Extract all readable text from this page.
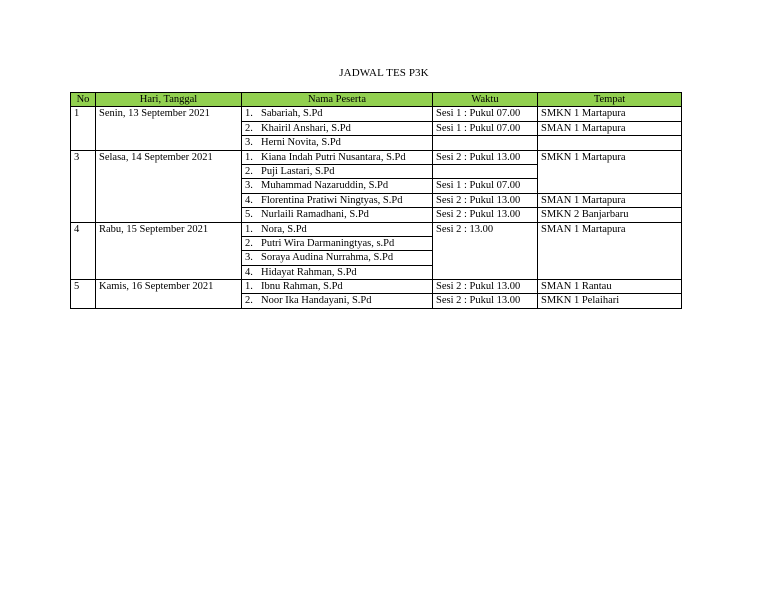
JADWAL TES P3K
No	Hari, Tanggal	Nama Peserta	Waktu	Tempat
1	Senin, 13 September 2021	1. Sabariah, S.Pd	Sesi 1 : Pukul 07.00	SMKN 1 Martapura
		2. Khairil Anshari, S.Pd	Sesi 1 : Pukul 07.00	SMAN 1 Martapura
		3. Herni Novita, S.Pd		
3	Selasa, 14 September 2021	1. Kiana Indah Putri Nusantara, S.Pd	Sesi 2 : Pukul 13.00	SMKN 1 Martapura
		2. Puji Lastari, S.Pd		
		3. Muhammad Nazaruddin, S.Pd	Sesi 1 : Pukul 07.00	
		4. Florentina Pratiwi Ningtyas, S.Pd	Sesi 2 : Pukul 13.00	SMAN 1 Martapura
		5. Nurlaili Ramadhani, S.Pd	Sesi 2 : Pukul 13.00	SMKN 2 Banjarbaru
4	Rabu, 15 September 2021	1. Nora, S.Pd	Sesi 2 : 13.00	SMAN 1 Martapura
		2. Putri Wira Darmaningtyas, s.Pd		
		3. Soraya Audina Nurrahma, S.Pd		
		4. Hidayat Rahman, S.Pd		
5	Kamis, 16 September 2021	1. Ibnu Rahman, S.Pd	Sesi 2 : Pukul 13.00	SMAN 1 Rantau
		2. Noor Ika Handayani, S.Pd	Sesi 2 : Pukul 13.00	SMKN 1 Pelaihari
